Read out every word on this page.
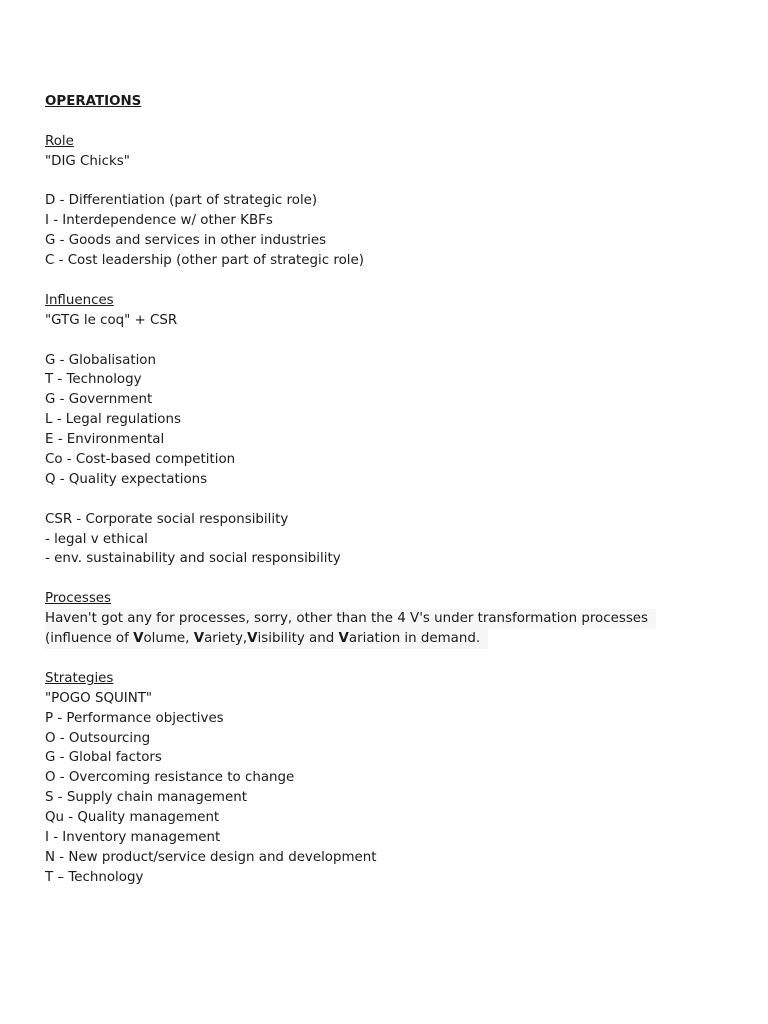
OPERATIONS
Role
"DIG Chicks"
D - Differentiation (part of strategic role)
I - Interdependence w/ other KBFs
G - Goods and services in other industries
C - Cost leadership (other part of strategic role)
Influences
"GTG le coq" + CSR
G - Globalisation
T - Technology
G - Government
L - Legal regulations
E - Environmental
Co - Cost-based competition
Q - Quality expectations
CSR - Corporate social responsibility
- legal v ethical
- env. sustainability and social responsibility
Processes
Haven't got any for processes, sorry, other than the 4 V's under transformation processes
(influence of Volume, Variety,Visibility and Variation in demand.
Strategies
"POGO SQUINT"
P - Performance objectives
O - Outsourcing
G - Global factors
O - Overcoming resistance to change
S - Supply chain management
Qu - Quality management
I - Inventory management
N - New product/service design and development
T – Technology
